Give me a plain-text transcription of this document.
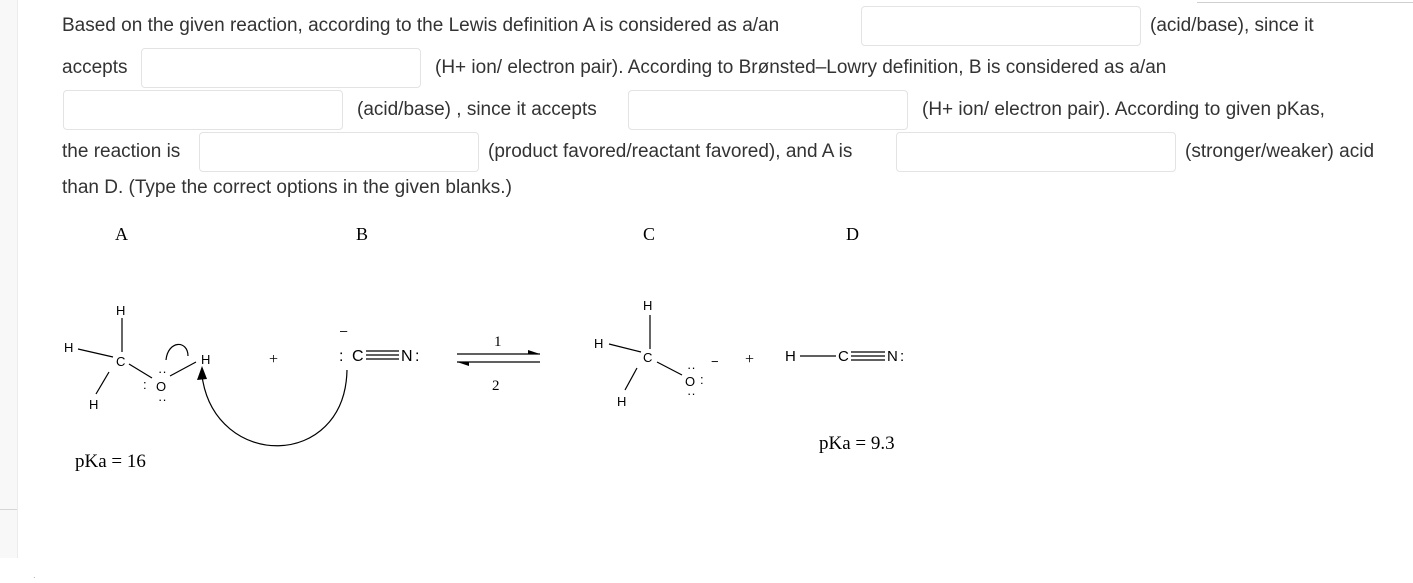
·
Based on the given reaction, according to the Lewis definition A is considered as a/an	(acid/base), since it
accepts	(H+ ion/ electron pair). According to Brønsted–Lowry definition, B is considered as a/an
(acid/base) , since it accepts	(H+ ion/ electron pair). According to given pKas,
the reaction is	(product favored/reactant favored), and A is	(stronger/weaker) acid
than D. (Type the correct options in the given blanks.)
A	B	C	D
H
H
C
H
O
:
··
··
H	+
–
: C N :
1
2
H
H
C
H
O
··
:
··
− + H	C	N :
pKa = 16
pKa = 9.3
